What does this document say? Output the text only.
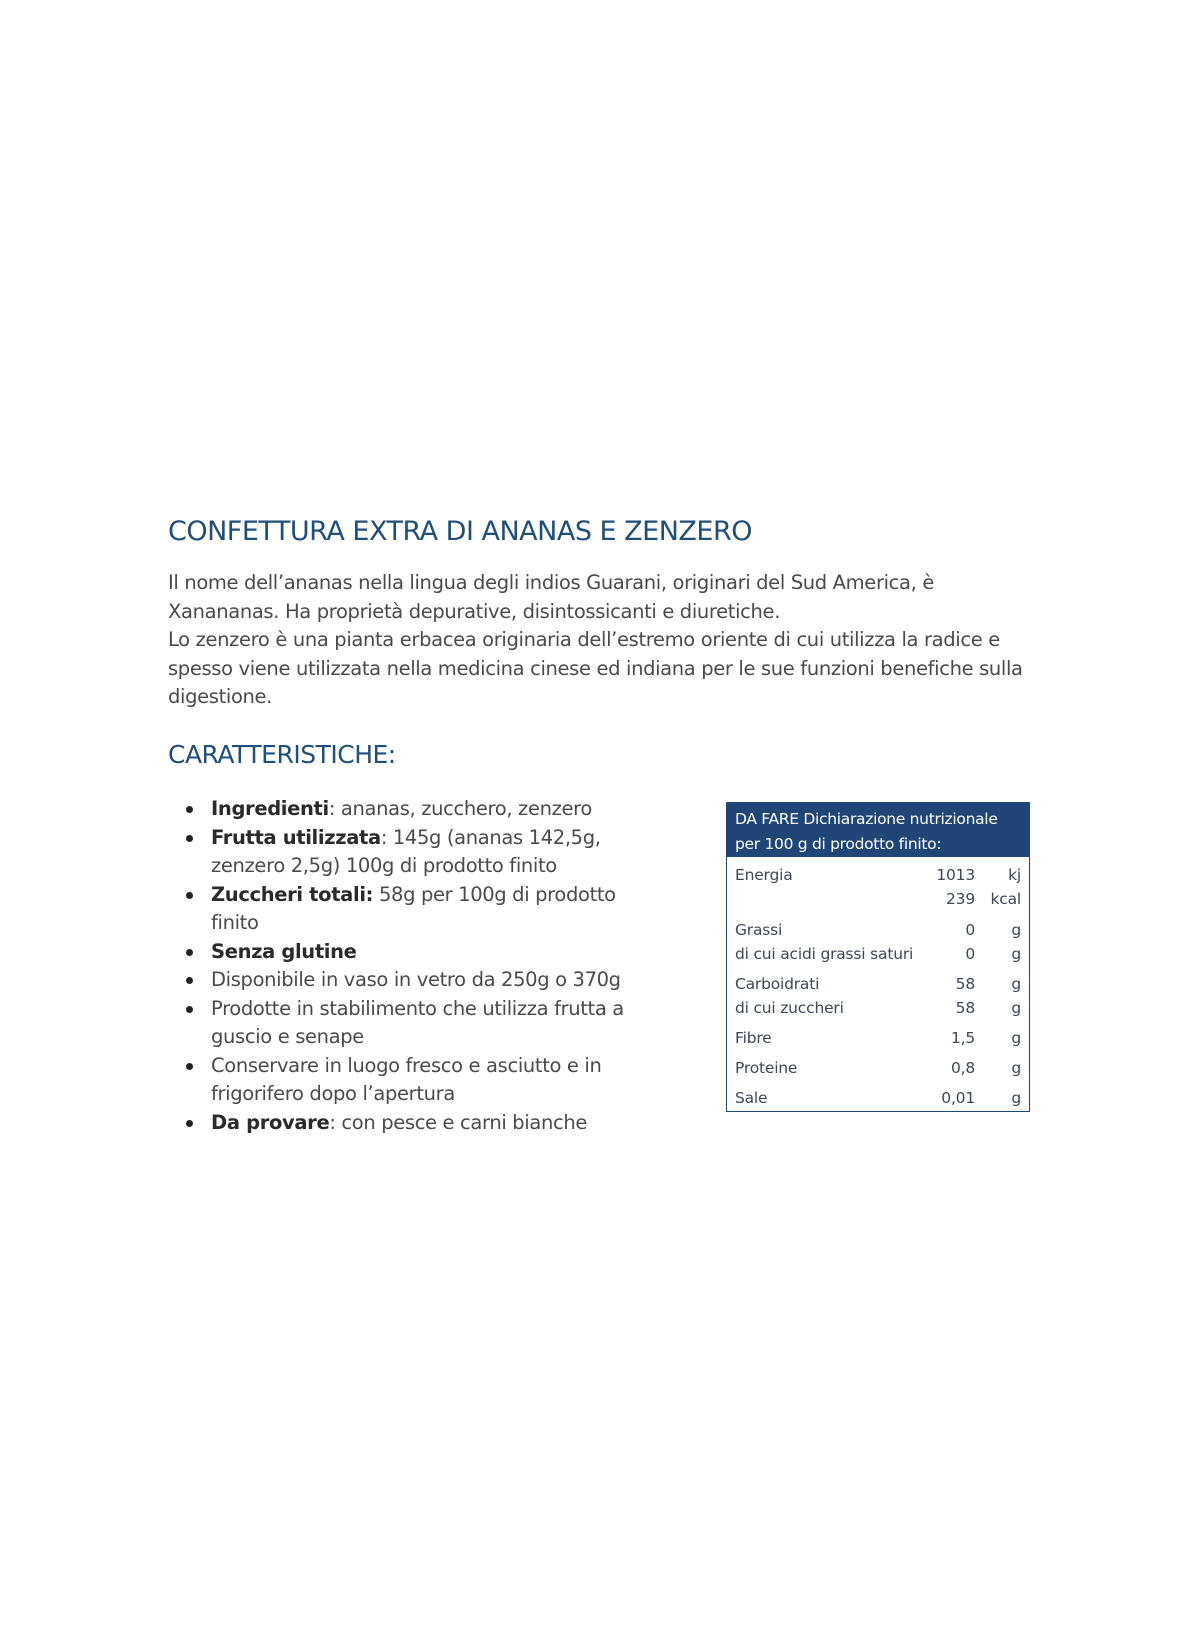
CONFETTURA EXTRA DI ANANAS E ZENZERO
Il nome dell’ananas nella lingua degli indios Guarani, originari del Sud America, è
Xanananas. Ha proprietà depurative, disintossicanti e diuretiche.
Lo zenzero è una pianta erbacea originaria dell’estremo oriente di cui utilizza la radice e
spesso viene utilizzata nella medicina cinese ed indiana per le sue funzioni benefiche sulla
digestione.
CARATTERISTICHE:
Ingredienti: ananas, zucchero, zenzero
Frutta utilizzata: 145g (ananas 142,5g,
zenzero 2,5g) 100g di prodotto finito
Zuccheri totali: 58g per 100g di prodotto
finito
Senza glutine
Disponibile in vaso in vetro da 250g o 370g
Prodotte in stabilimento che utilizza frutta a
guscio e senape
Conservare in luogo fresco e asciutto e in
frigorifero dopo l’apertura
Da provare: con pesce e carni bianche
DA FARE Dichiarazione nutrizionale
per 100 g di prodotto finito:
Energia	1013 kj
239 kcal
Grassi	0 g
di cui acidi grassi saturi	0 g
Carboidrati	58 g
di cui zuccheri	58 g
Fibre	1,5 g
Proteine	0,8 g
Sale	0,01 g
